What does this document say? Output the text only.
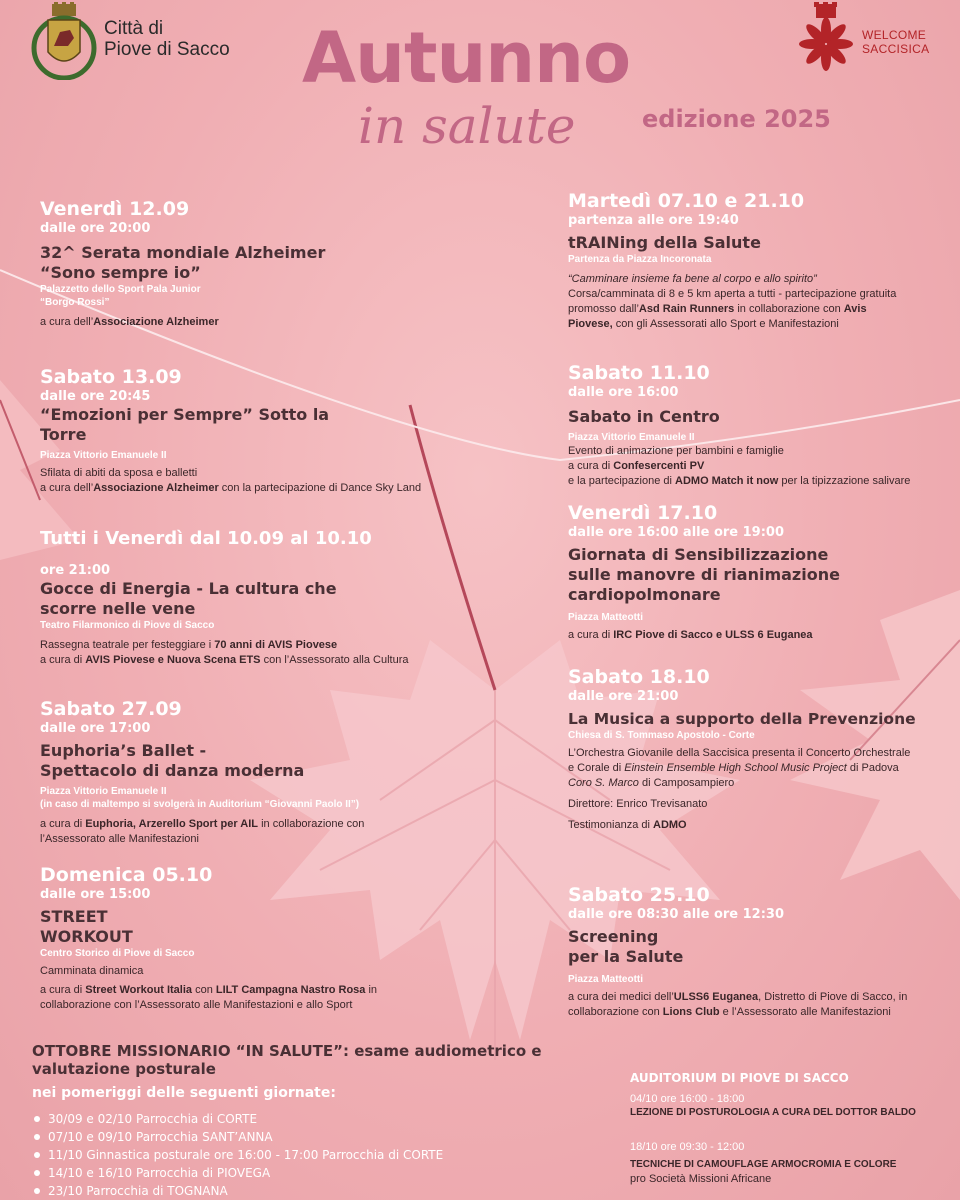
Città di
Piove di Sacco
WELCOME
SACCISICA
Autunno
in salute	edizione 2025
Venerdì 12.09
dalle ore 20:00
32^ Serata mondiale Alzheimer
“Sono sempre io”
Palazzetto dello Sport Pala Junior
“Borgo Rossi”
a cura dell’Associazione Alzheimer
Sabato 13.09
dalle ore 20:45
“Emozioni per Sempre” Sotto la
Torre
Piazza Vittorio Emanuele II
Sfilata di abiti da sposa e balletti
a cura dell’Associazione Alzheimer con la partecipazione di Dance Sky Land
Tutti i Venerdì dal 10.09 al 10.10
ore 21:00
Gocce di Energia - La cultura che
scorre nelle vene
Teatro Filarmonico di Piove di Sacco
Rassegna teatrale per festeggiare i 70 anni di AVIS Piovese
a cura di AVIS Piovese e Nuova Scena ETS con l’Assessorato alla Cultura
Sabato 27.09
dalle ore 17:00
Euphoria’s Ballet -
Spettacolo di danza moderna
Piazza Vittorio Emanuele II
(in caso di maltempo si svolgerà in Auditorium “Giovanni Paolo II”)
a cura di Euphoria, Arzerello Sport per AIL in collaborazione con
l’Assessorato alle Manifestazioni
Domenica 05.10
dalle ore 15:00
STREET
WORKOUT
Centro Storico di Piove di Sacco
Camminata dinamica
a cura di Street Workout Italia con LILT Campagna Nastro Rosa in
collaborazione con l’Assessorato alle Manifestazioni e allo Sport
Martedì 07.10 e 21.10
partenza alle ore 19:40
tRAINing della Salute
Partenza da Piazza Incoronata
“Camminare insieme fa bene al corpo e allo spirito”
Corsa/camminata di 8 e 5 km aperta a tutti - partecipazione gratuita
promosso dall’Asd Rain Runners in collaborazione con Avis
Piovese, con gli Assessorati allo Sport e Manifestazioni
Sabato 11.10
dalle ore 16:00
Sabato in Centro
Piazza Vittorio Emanuele II
Evento di animazione per bambini e famiglie
a cura di Confesercenti PV
e la partecipazione di ADMO Match it now per la tipizzazione salivare
Venerdì 17.10
dalle ore 16:00 alle ore 19:00
Giornata di Sensibilizzazione
sulle manovre di rianimazione
cardiopolmonare
Piazza Matteotti
a cura di IRC Piove di Sacco e ULSS 6 Euganea
Sabato 18.10
dalle ore 21:00
La Musica a supporto della Prevenzione
Chiesa di S. Tommaso Apostolo - Corte
L’Orchestra Giovanile della Saccisica presenta il Concerto Orchestrale
e Corale di Einstein Ensemble High School Music Project di Padova
Coro S. Marco di Camposampiero
Direttore: Enrico Trevisanato
Testimonianza di ADMO
Sabato 25.10
dalle ore 08:30 alle ore 12:30
Screening
per la Salute
Piazza Matteotti
a cura dei medici dell’ULSS6 Euganea, Distretto di Piove di Sacco, in
collaborazione con Lions Club e l’Assessorato alle Manifestazioni
OTTOBRE MISSIONARIO “IN SALUTE”: esame audiometrico e valutazione posturale
nei pomeriggi delle seguenti giornate:
30/09 e 02/10 Parrocchia di CORTE
07/10 e 09/10 Parrocchia SANT’ANNA
11/10 Ginnastica posturale ore 16:00 - 17:00 Parrocchia di CORTE
14/10 e 16/10 Parrocchia di PIOVEGA
23/10 Parrocchia di TOGNANA
AUDITORIUM DI PIOVE DI SACCO
04/10 ore 16:00 - 18:00
LEZIONE DI POSTUROLOGIA A CURA DEL DOTTOR BALDO
18/10 ore 09:30 - 12:00
TECNICHE DI CAMOUFLAGE ARMOCROMIA E COLORE
pro Società Missioni Africane
